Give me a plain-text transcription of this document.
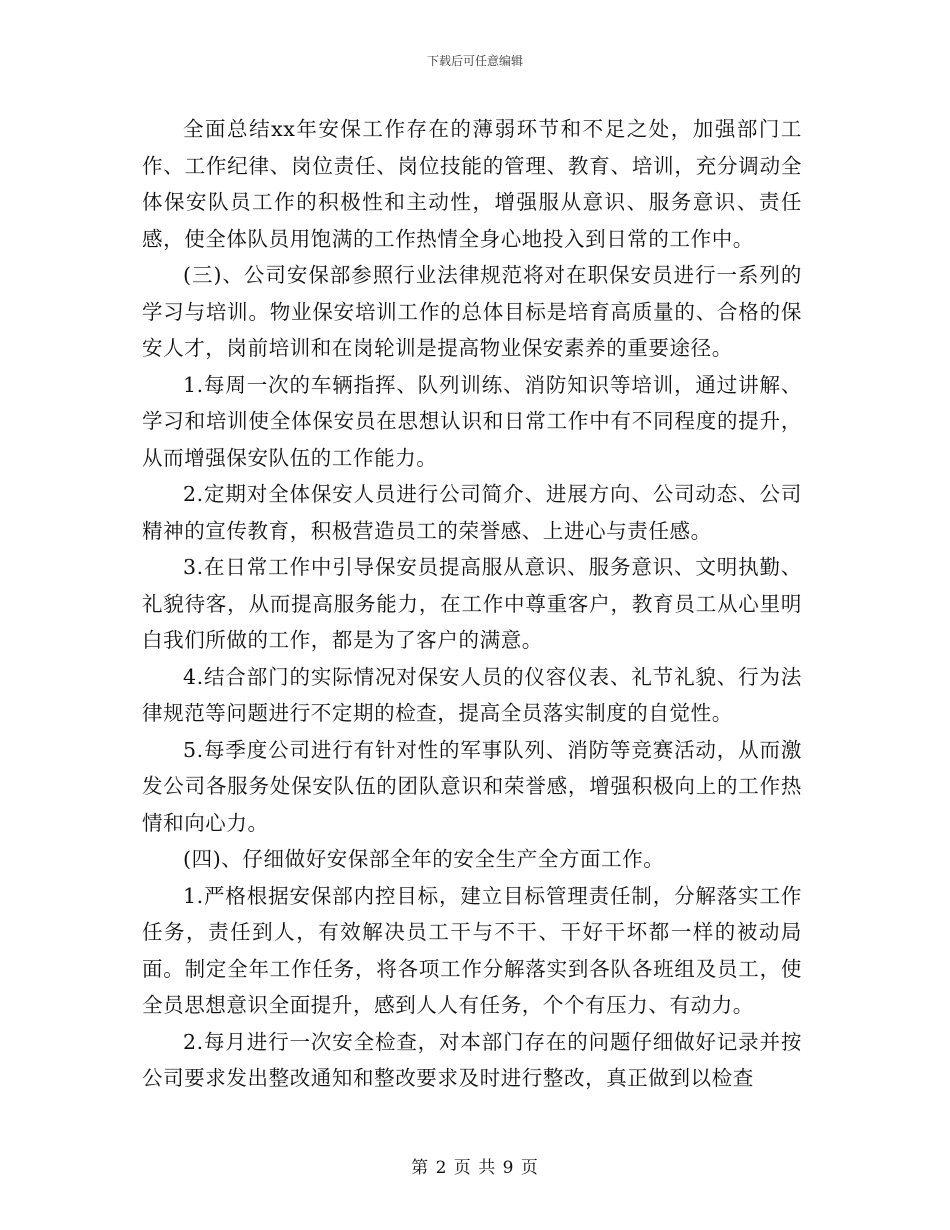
下载后可任意编辑

全面总结xx年安保工作存在的薄弱环节和不足之处，加强部门工作、工作纪律、岗位责任、岗位技能的管理、教育、培训，充分调动全体保安队员工作的积极性和主动性，增强服从意识、服务意识、责任感，使全体队员用饱满的工作热情全身心地投入到日常的工作中。

(三)、公司安保部参照行业法律规范将对在职保安员进行一系列的学习与培训。物业保安培训工作的总体目标是培育高质量的、合格的保安人才，岗前培训和在岗轮训是提高物业保安素养的重要途径。

1.每周一次的车辆指挥、队列训练、消防知识等培训，通过讲解、学习和培训使全体保安员在思想认识和日常工作中有不同程度的提升，从而增强保安队伍的工作能力。

2.定期对全体保安人员进行公司简介、进展方向、公司动态、公司精神的宣传教育，积极营造员工的荣誉感、上进心与责任感。

3.在日常工作中引导保安员提高服从意识、服务意识、文明执勤、礼貌待客，从而提高服务能力，在工作中尊重客户，教育员工从心里明白我们所做的工作，都是为了客户的满意。

4.结合部门的实际情况对保安人员的仪容仪表、礼节礼貌、行为法律规范等问题进行不定期的检查，提高全员落实制度的自觉性。

5.每季度公司进行有针对性的军事队列、消防等竞赛活动，从而激发公司各服务处保安队伍的团队意识和荣誉感，增强积极向上的工作热情和向心力。

(四)、仔细做好安保部全年的安全生产全方面工作。

1.严格根据安保部内控目标，建立目标管理责任制，分解落实工作任务，责任到人，有效解决员工干与不干、干好干坏都一样的被动局面。制定全年工作任务，将各项工作分解落实到各队各班组及员工，使全员思想意识全面提升，感到人人有任务，个个有压力、有动力。

2.每月进行一次安全检查，对本部门存在的问题仔细做好记录并按公司要求发出整改通知和整改要求及时进行整改，真正做到以检查

第 2 页 共 9 页
